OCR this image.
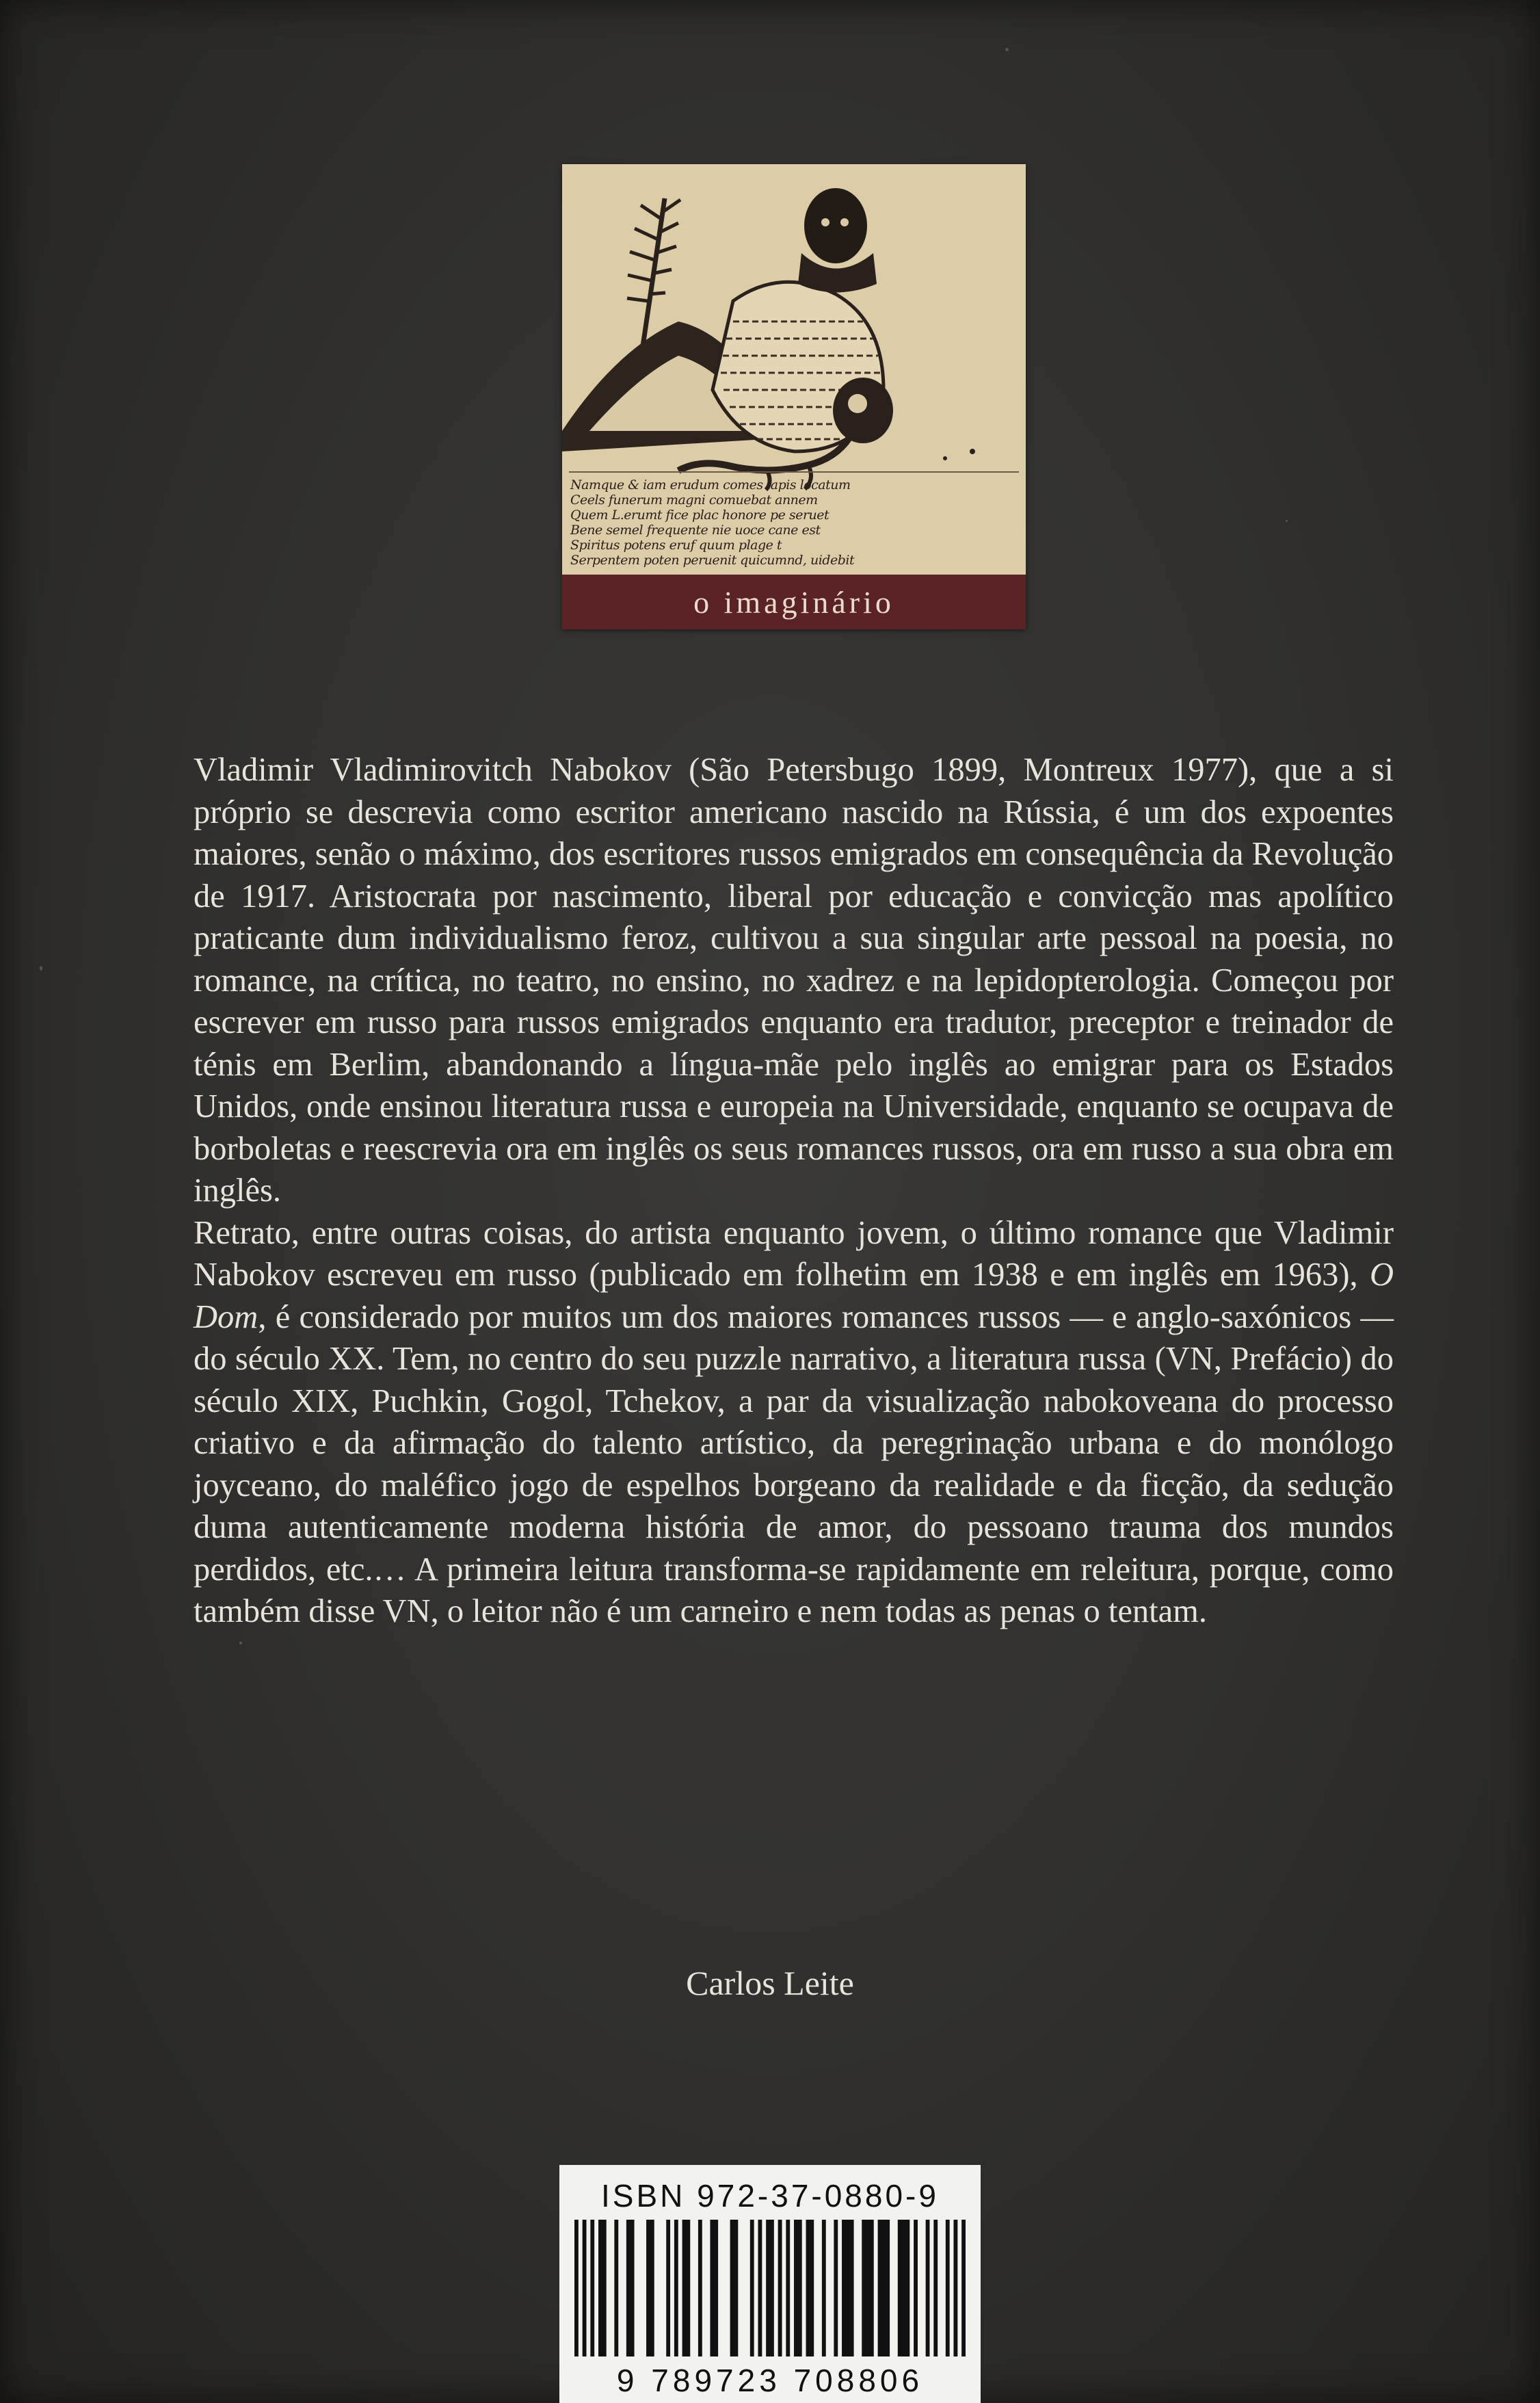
Namque & iam erudum comes lapis locatum
Ceels funerum magni comuebat annem
Quem L.erumt fice plac honore pe seruet
Bene semel frequente nie uoce cane est
Spiritus potens eruf quum plage t
Serpentem poten peruenit quicumnd, uidebit
o imaginário

Vladimir Vladimirovitch Nabokov (São Petersbugo 1899, Montreux 1977), que a si próprio se descrevia como escritor americano nascido na Rússia, é um dos expoentes maiores, senão o máximo, dos escritores russos emigrados em consequência da Revolução de 1917. Aristocrata por nascimento, liberal por educação e convicção mas apolítico praticante dum individualismo feroz, cultivou a sua singular arte pessoal na poesia, no romance, na crítica, no teatro, no ensino, no xadrez e na lepidopterologia. Começou por escrever em russo para russos emigrados enquanto era tradutor, preceptor e treinador de ténis em Berlim, abandonando a língua-mãe pelo inglês ao emigrar para os Estados Unidos, onde ensinou literatura russa e europeia na Universidade, enquanto se ocupava de borboletas e reescrevia ora em inglês os seus romances russos, ora em russo a sua obra em inglês.

Retrato, entre outras coisas, do artista enquanto jovem, o último romance que Vladimir Nabokov escreveu em russo (publicado em folhetim em 1938 e em inglês em 1963), O Dom, é considerado por muitos um dos maiores romances russos — e anglo-saxónicos — do século XX. Tem, no centro do seu puzzle narrativo, a literatura russa (VN, Prefácio) do século XIX, Puchkin, Gogol, Tchekov, a par da visualização nabokoveana do processo criativo e da afirmação do talento artístico, da peregrinação urbana e do monólogo joyceano, do maléfico jogo de espelhos borgeano da realidade e da ficção, da sedução duma autenticamente moderna história de amor, do pessoano trauma dos mundos perdidos, etc.… A primeira leitura transforma-se rapidamente em releitura, porque, como também disse VN, o leitor não é um carneiro e nem todas as penas o tentam.

Carlos Leite
ISBN 972-37-0880-9
9 789723 708806
